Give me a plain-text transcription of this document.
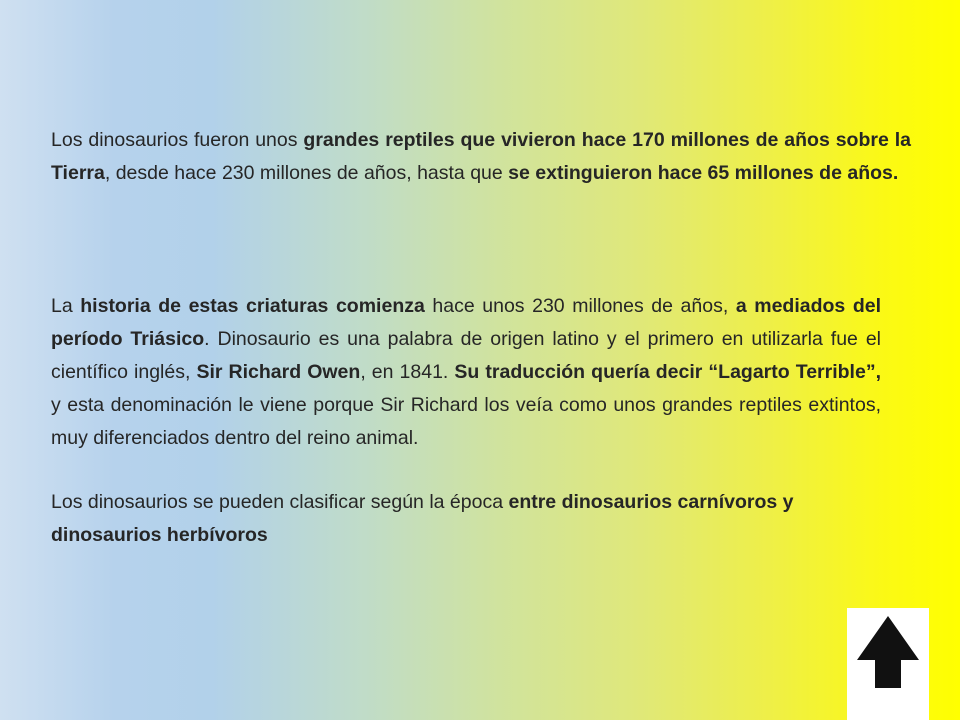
Los dinosaurios fueron unos grandes reptiles que vivieron hace 170 millones de años sobre la Tierra, desde hace 230 millones de años, hasta que se extinguieron hace 65 millones de años.

La historia de estas criaturas comienza hace unos 230 millones de años, a mediados del período Triásico. Dinosaurio es una palabra de origen latino y el primero en utilizarla fue el científico inglés, Sir Richard Owen, en 1841. Su traducción quería decir “Lagarto Terrible”, y esta denominación le viene porque Sir Richard los veía como unos grandes reptiles extintos, muy diferenciados dentro del reino animal.

Los dinosaurios se pueden clasificar según la época entre dinosaurios carnívoros y dinosaurios herbívoros
